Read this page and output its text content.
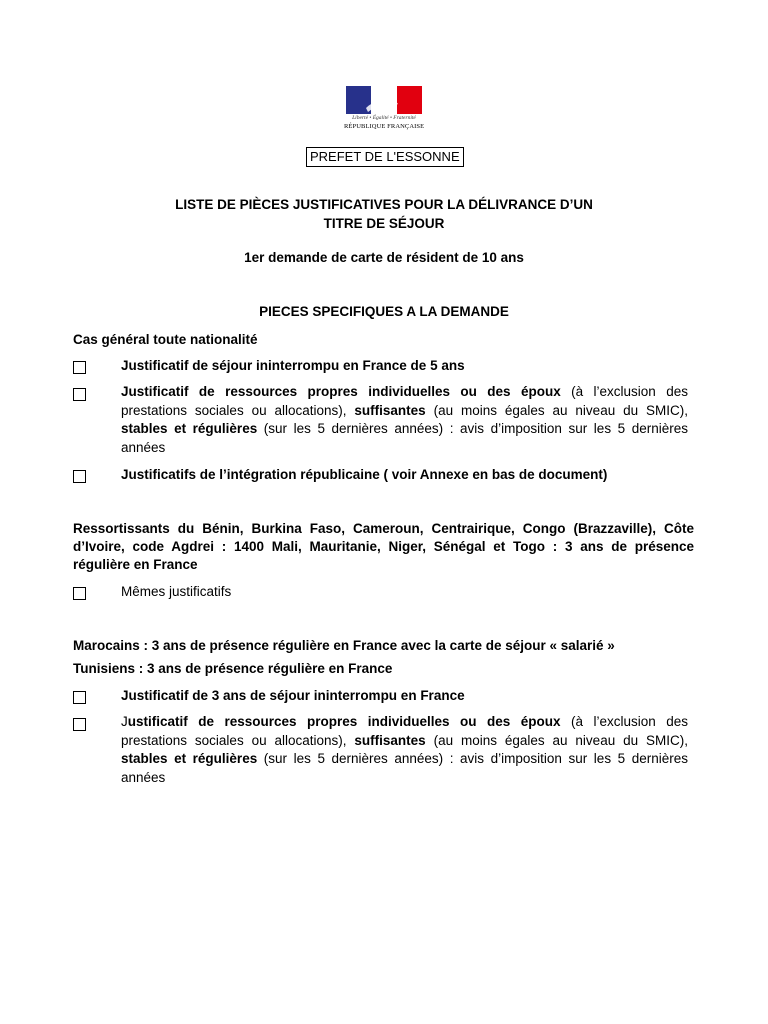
Liberté • Égalité • Fraternité
RÉPUBLIQUE FRANÇAISE
PREFET DE L'ESSONNE
LISTE DE PIÈCES JUSTIFICATIVES POUR LA DÉLIVRANCE D’UN
TITRE DE SÉJOUR
1er demande de carte de résident de 10 ans
PIECES SPECIFIQUES A LA DEMANDE
Cas général toute nationalité
Justificatif de séjour ininterrompu en France de 5 ans
Justificatif de ressources propres individuelles ou des époux (à l’exclusion des prestations sociales ou allocations), suffisantes (au moins égales au niveau du SMIC), stables et régulières (sur les 5 dernières années) : avis d’imposition sur les 5 dernières années
Justificatifs de l’intégration républicaine ( voir Annexe en bas de document)
Ressortissants du Bénin, Burkina Faso, Cameroun, Centrairique, Congo (Brazzaville), Côte d’Ivoire, code Agdrei : 1400 Mali, Mauritanie, Niger, Sénégal et Togo : 3 ans de présence régulière en France
Mêmes justificatifs
Marocains : 3 ans de présence régulière en France avec la carte de séjour « salarié »
Tunisiens : 3 ans de présence régulière en France
Justificatif de 3 ans de séjour ininterrompu en France
Justificatif de ressources propres individuelles ou des époux (à l’exclusion des prestations sociales ou allocations), suffisantes (au moins égales au niveau du SMIC), stables et régulières (sur les 5 dernières années) : avis d’imposition sur les 5 dernières années
